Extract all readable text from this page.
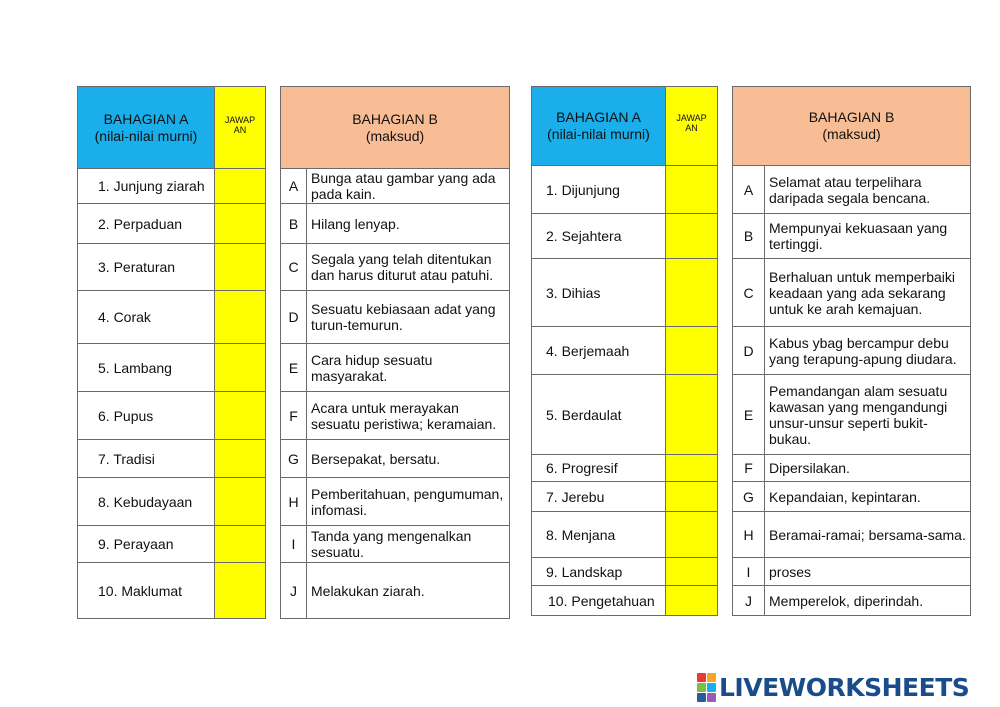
BAHAGIAN A
(nilai-nilai murni)	JAWAP
AN

1. Junjung ziarah	
2. Perpaduan	
3. Peraturan	
4. Corak	
5. Lambang	
6. Pupus	
7. Tradisi	
8. Kebudayaan	
9. Perayaan	
10. Maklumat	
BAHAGIAN B
(maksud)	

A	Bunga atau gambar yang ada pada kain.
B	Hilang lenyap.
C	Segala yang telah ditentukan dan harus diturut atau patuhi.
D	Sesuatu kebiasaan adat yang turun-temurun.
E	Cara hidup sesuatu masyarakat.
F	Acara untuk merayakan sesuatu peristiwa; keramaian.
G	Bersepakat, bersatu.
H	Pemberitahuan, pengumuman, infomasi.
I	Tanda yang mengenalkan sesuatu.
J	Melakukan ziarah.
BAHAGIAN A
(nilai-nilai murni)	JAWAP
AN

1. Dijunjung	
2. Sejahtera	
3. Dihias	
4. Berjemaah	
5. Berdaulat	
6. Progresif	
7. Jerebu	
8. Menjana	
9. Landskap	
10. Pengetahuan	
BAHAGIAN B
(maksud)	

A	Selamat atau terpelihara daripada segala bencana.
B	Mempunyai kekuasaan yang tertinggi.
C	Berhaluan untuk memperbaiki keadaan yang ada sekarang untuk ke arah kemajuan.
D	Kabus ybag bercampur debu yang terapung-apung diudara.
E	Pemandangan alam sesuatu kawasan yang mengandungi unsur-unsur seperti bukit-bukau.
F	Dipersilakan.
G	Kepandaian, kepintaran.
H	Beramai-ramai; bersama-sama.
I	proses
J	Memperelok, diperindah.
LIVEWORKSHEETS
